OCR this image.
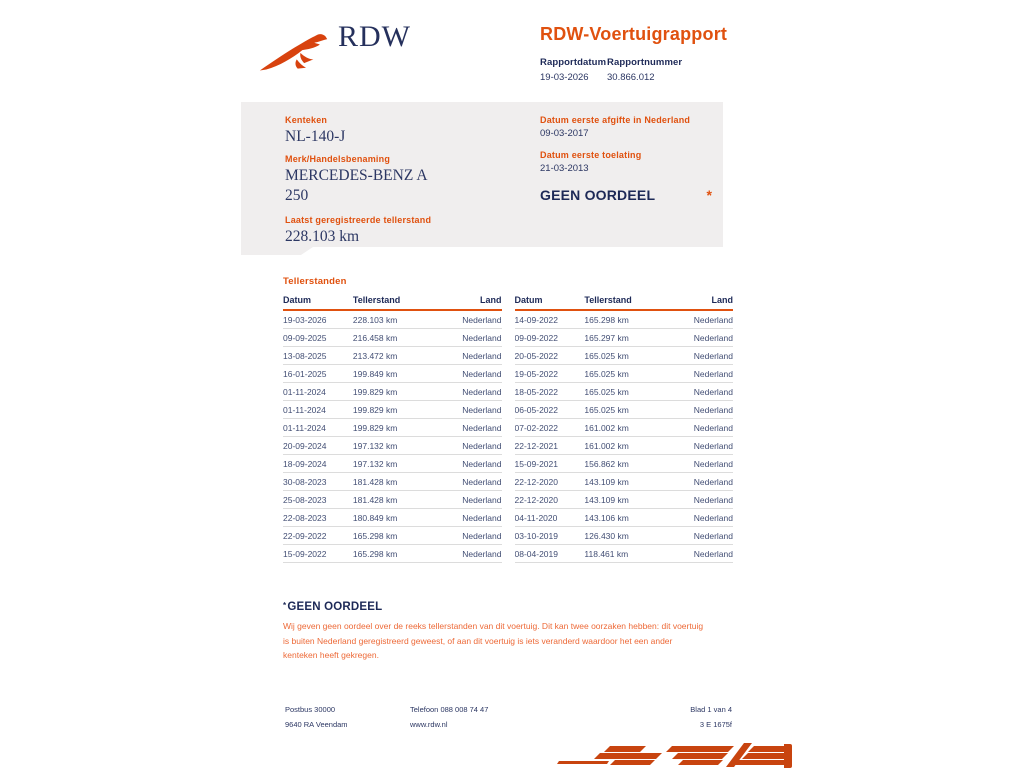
RDW	RDW-Voertuigrapport
Rapportdatum
19-03-2026
Rapportnummer
30.866.012
Kenteken
NL-140-J
Merk/Handelsbenaming
MERCEDES-BENZ A 250
Laatst geregistreerde tellerstand
228.103 km
Datum eerste afgifte in Nederland
09-03-2017
Datum eerste toelating
21-03-2013
GEEN OORDEEL	*
Tellerstanden
Datum	Tellerstand	Land
19-03-2026	228.103 km	Nederland
09-09-2025	216.458 km	Nederland
13-08-2025	213.472 km	Nederland
16-01-2025	199.849 km	Nederland
01-11-2024	199.829 km	Nederland
01-11-2024	199.829 km	Nederland
01-11-2024	199.829 km	Nederland
20-09-2024	197.132 km	Nederland
18-09-2024	197.132 km	Nederland
30-08-2023	181.428 km	Nederland
25-08-2023	181.428 km	Nederland
22-08-2023	180.849 km	Nederland
22-09-2022	165.298 km	Nederland
15-09-2022	165.298 km	Nederland
Datum	Tellerstand	Land
14-09-2022	165.298 km	Nederland
09-09-2022	165.297 km	Nederland
20-05-2022	165.025 km	Nederland
19-05-2022	165.025 km	Nederland
18-05-2022	165.025 km	Nederland
06-05-2022	165.025 km	Nederland
07-02-2022	161.002 km	Nederland
22-12-2021	161.002 km	Nederland
15-09-2021	156.862 km	Nederland
22-12-2020	143.109 km	Nederland
22-12-2020	143.109 km	Nederland
04-11-2020	143.106 km	Nederland
03-10-2019	126.430 km	Nederland
08-04-2019	118.461 km	Nederland
*GEEN OORDEEL

Wij geven geen oordeel over de reeks tellerstanden van dit voertuig. Dit kan twee oorzaken hebben: dit voertuig is buiten Nederland geregistreerd geweest, of aan dit voertuig is iets veranderd waardoor het een ander kenteken heeft gekregen.

Postbus 30000
9640 RA Veendam
Telefoon 088 008 74 47
www.rdw.nl
Blad 1 van 4
3 E 1675f
